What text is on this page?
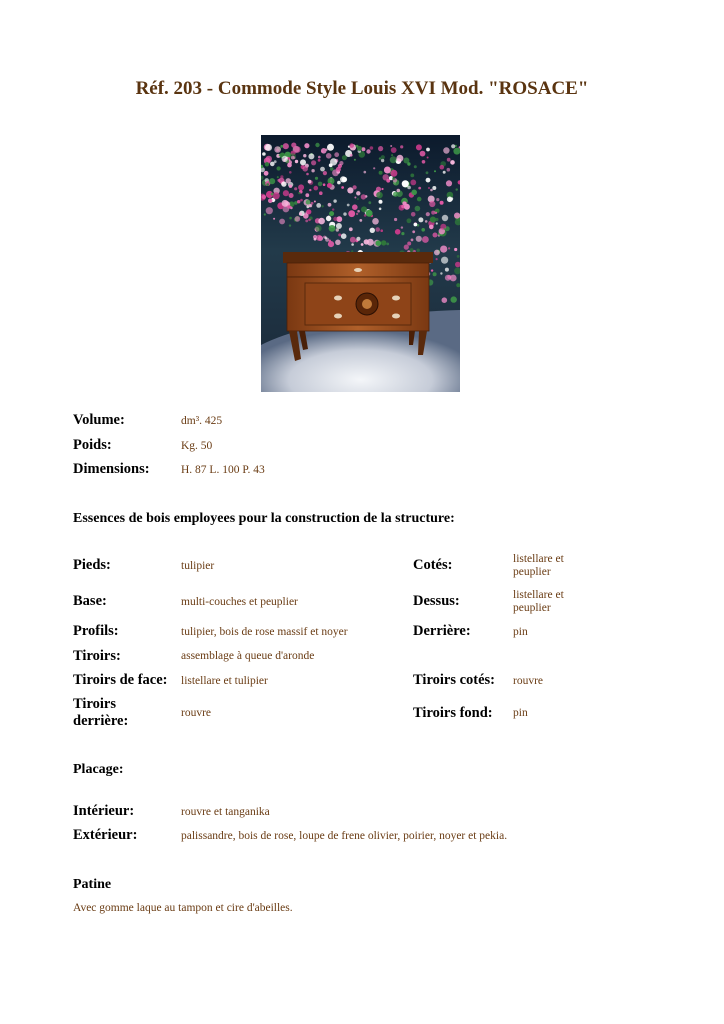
Réf. 203 - Commode Style Louis XVI Mod. "ROSACE"
Volume:	dm³. 425
Poids:	Kg. 50
Dimensions:	H. 87 L. 100 P. 43
Essences de bois employees pour la construction de la structure:
Pieds:	tulipier	Cotés:	listellare et peuplier
Base:	multi-couches et peuplier	Dessus:	listellare et peuplier
Profils:	tulipier, bois de rose massif et noyer	Derrière:	pin
Tiroirs:	assemblage à queue d'aronde
Tiroirs de face: listellare et tulipier	Tiroirs cotés: rouvre
Tiroirs derrière:	rouvre	Tiroirs fond: pin
Placage:
Intérieur:	rouvre et tanganika
Extérieur:	palissandre, bois de rose, loupe de frene olivier, poirier, noyer et pekia.
Patine
Avec gomme laque au tampon et cire d'abeilles.
